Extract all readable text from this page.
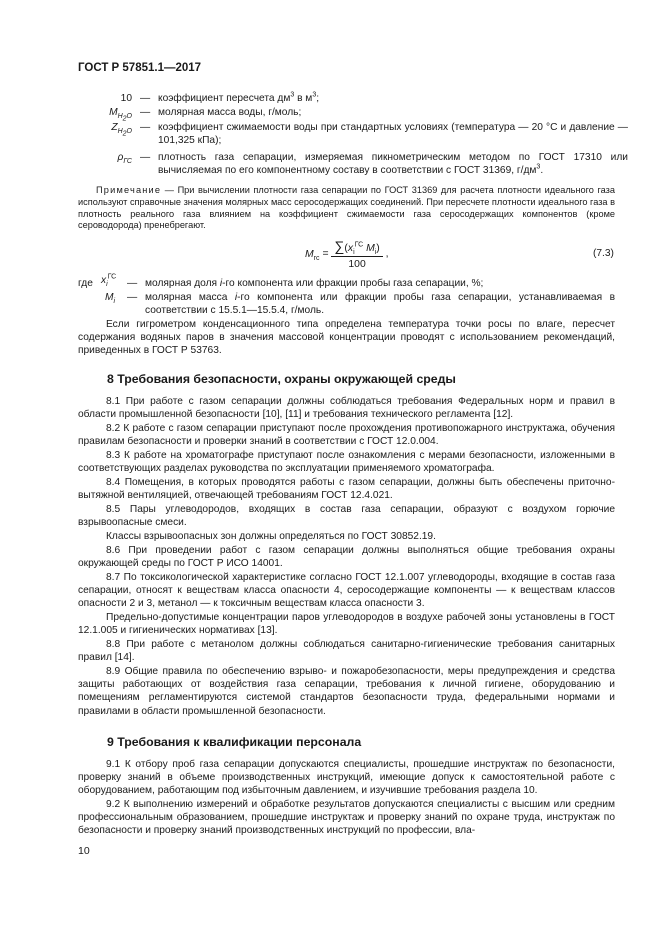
ГОСТ Р 57851.1—2017
10 — коэффициент пересчета $дм^3$ в $м^3$;
$M_{H_2O}$ — молярная масса воды, г/моль;
$Z_{H_2O}$ — коэффициент сжимаемости воды при стандартных условиях (температура — 20 °С и давление — 101,325 кПа);
$\rho_{ГС}$ — плотность газа сепарации, измеряемая пикнометрическим методом по ГОСТ 17310 или вычисляемая по его компонентному составу в соответствии с ГОСТ 31369, $г/дм^3$.
Примечание — При вычислении плотности газа сепарации по ГОСТ 31369 для расчета плотности идеального газа используют справочные значения молярных масс серосодержащих соединений. При пересчете плотности идеального газа в плотность реального газа влиянием на коэффициент сжимаемости газа серосодержащих компонентов (кроме сероводорода) пренебрегают.
$M_{гс} = \frac{\sum(x_i^{ГС} M_i)}{100}$ ,	(7.3)
где $x_i^{ГС}$
— молярная доля i-го компонента или фракции пробы газа сепарации, %;
$M_i$ — молярная масса i-го компонента или фракции пробы газа сепарации, устанавливаемая в соответствии с 15.5.1—15.5.4, г/моль.
Если гигрометром конденсационного типа определена температура точки росы по влаге, пересчет содержания водяных паров в значения массовой концентрации проводят с использованием рекомендаций, приведенных в ГОСТ Р 53763.
8 Требования безопасности, охраны окружающей среды
8.1 При работе с газом сепарации должны соблюдаться требования Федеральных норм и правил в области промышленной безопасности [10], [11] и требования технического регламента [12].
8.2 К работе с газом сепарации приступают после прохождения противопожарного инструктажа, обучения правилам безопасности и проверки знаний в соответствии с ГОСТ 12.0.004.
8.3 К работе на хроматографе приступают после ознакомления с мерами безопасности, изложенными в соответствующих разделах руководства по эксплуатации применяемого хроматографа.
8.4 Помещения, в которых проводятся работы с газом сепарации, должны быть обеспечены приточно-вытяжной вентиляцией, отвечающей требованиям ГОСТ 12.4.021.
8.5 Пары углеводородов, входящих в состав газа сепарации, образуют с воздухом горючие взрывоопасные смеси.
Классы взрывоопасных зон должны определяться по ГОСТ 30852.19.
8.6 При проведении работ с газом сепарации должны выполняться общие требования охраны окружающей среды по ГОСТ Р ИСО 14001.
8.7 По токсикологической характеристике согласно ГОСТ 12.1.007 углеводороды, входящие в состав газа сепарации, относят к веществам класса опасности 4, серосодержащие компоненты — к веществам классов опасности 2 и 3, метанол — к токсичным веществам класса опасности 3.
Предельно-допустимые концентрации паров углеводородов в воздухе рабочей зоны установлены в ГОСТ 12.1.005 и гигиенических нормативах [13].
8.8 При работе с метанолом должны соблюдаться санитарно-гигиенические требования санитарных правил [14].
8.9 Общие правила по обеспечению взрыво- и пожаробезопасности, меры предупреждения и средства защиты работающих от воздействия газа сепарации, требования к личной гигиене, оборудованию и помещениям регламентируются системой стандартов безопасности труда, федеральными нормами и правилами в области промышленной безопасности.
9 Требования к квалификации персонала
9.1 К отбору проб газа сепарации допускаются специалисты, прошедшие инструктаж по безопасности, проверку знаний в объеме производственных инструкций, имеющие допуск к самостоятельной работе с оборудованием, работающим под избыточным давлением, и изучившие требования раздела 10.
9.2 К выполнению измерений и обработке результатов допускаются специалисты с высшим или средним профессиональным образованием, прошедшие инструктаж и проверку знаний по охране труда, инструктаж по безопасности и проверку знаний производственных инструкций по профессии, вла-
10
